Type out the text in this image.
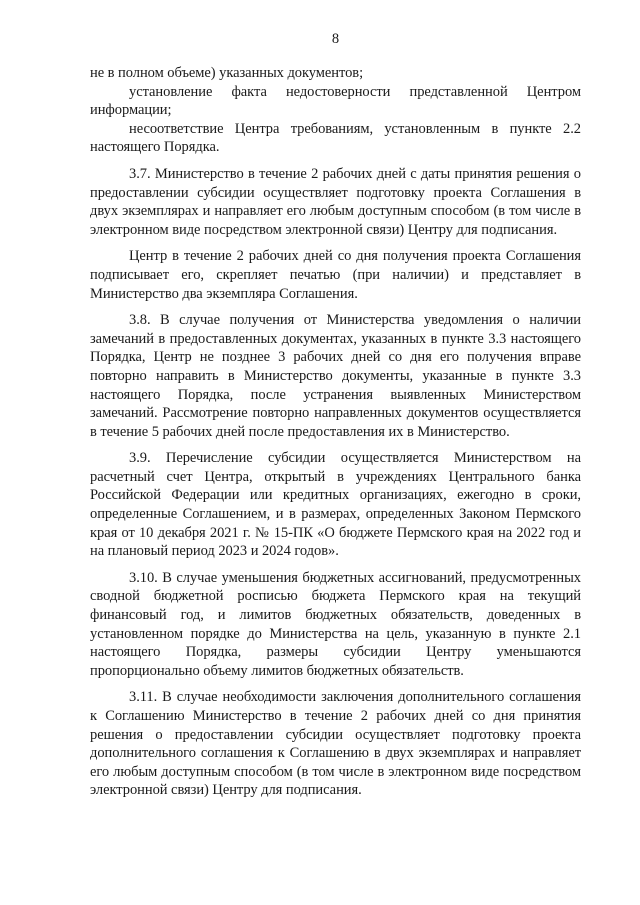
8

не в полном объеме) указанных документов;

установление факта недостоверности представленной Центром информации;

несоответствие Центра требованиям, установленным в пункте 2.2 настоящего Порядка.

3.7. Министерство в течение 2 рабочих дней с даты принятия решения о предоставлении субсидии осуществляет подготовку проекта Соглашения в двух экземплярах и направляет его любым доступным способом (в том числе в электронном виде посредством электронной связи) Центру для подписания.

Центр в течение 2 рабочих дней со дня получения проекта Соглашения подписывает его, скрепляет печатью (при наличии) и представляет в Министерство два экземпляра Соглашения.

3.8. В случае получения от Министерства уведомления о наличии замечаний в предоставленных документах, указанных в пункте 3.3 настоящего Порядка, Центр не позднее 3 рабочих дней со дня его получения вправе повторно направить в Министерство документы, указанные в пункте 3.3 настоящего Порядка, после устранения выявленных Министерством замечаний. Рассмотрение повторно направленных документов осуществляется в течение 5 рабочих дней после предоставления их в Министерство.

3.9. Перечисление субсидии осуществляется Министерством на расчетный счет Центра, открытый в учреждениях Центрального банка Российской Федерации или кредитных организациях, ежегодно в сроки, определенные Соглашением, и в размерах, определенных Законом Пермского края от 10 декабря 2021 г. № 15-ПК «О бюджете Пермского края на 2022 год и на плановый период 2023 и 2024 годов».

3.10. В случае уменьшения бюджетных ассигнований, предусмотренных сводной бюджетной росписью бюджета Пермского края на текущий финансовый год, и лимитов бюджетных обязательств, доведенных в установленном порядке до Министерства на цель, указанную в пункте 2.1 настоящего Порядка, размеры субсидии Центру уменьшаются пропорционально объему лимитов бюджетных обязательств.

3.11. В случае необходимости заключения дополнительного соглашения к Соглашению Министерство в течение 2 рабочих дней со дня принятия решения о предоставлении субсидии осуществляет подготовку проекта дополнительного соглашения к Соглашению в двух экземплярах и направляет его любым доступным способом (в том числе в электронном виде посредством электронной связи) Центру для подписания.
